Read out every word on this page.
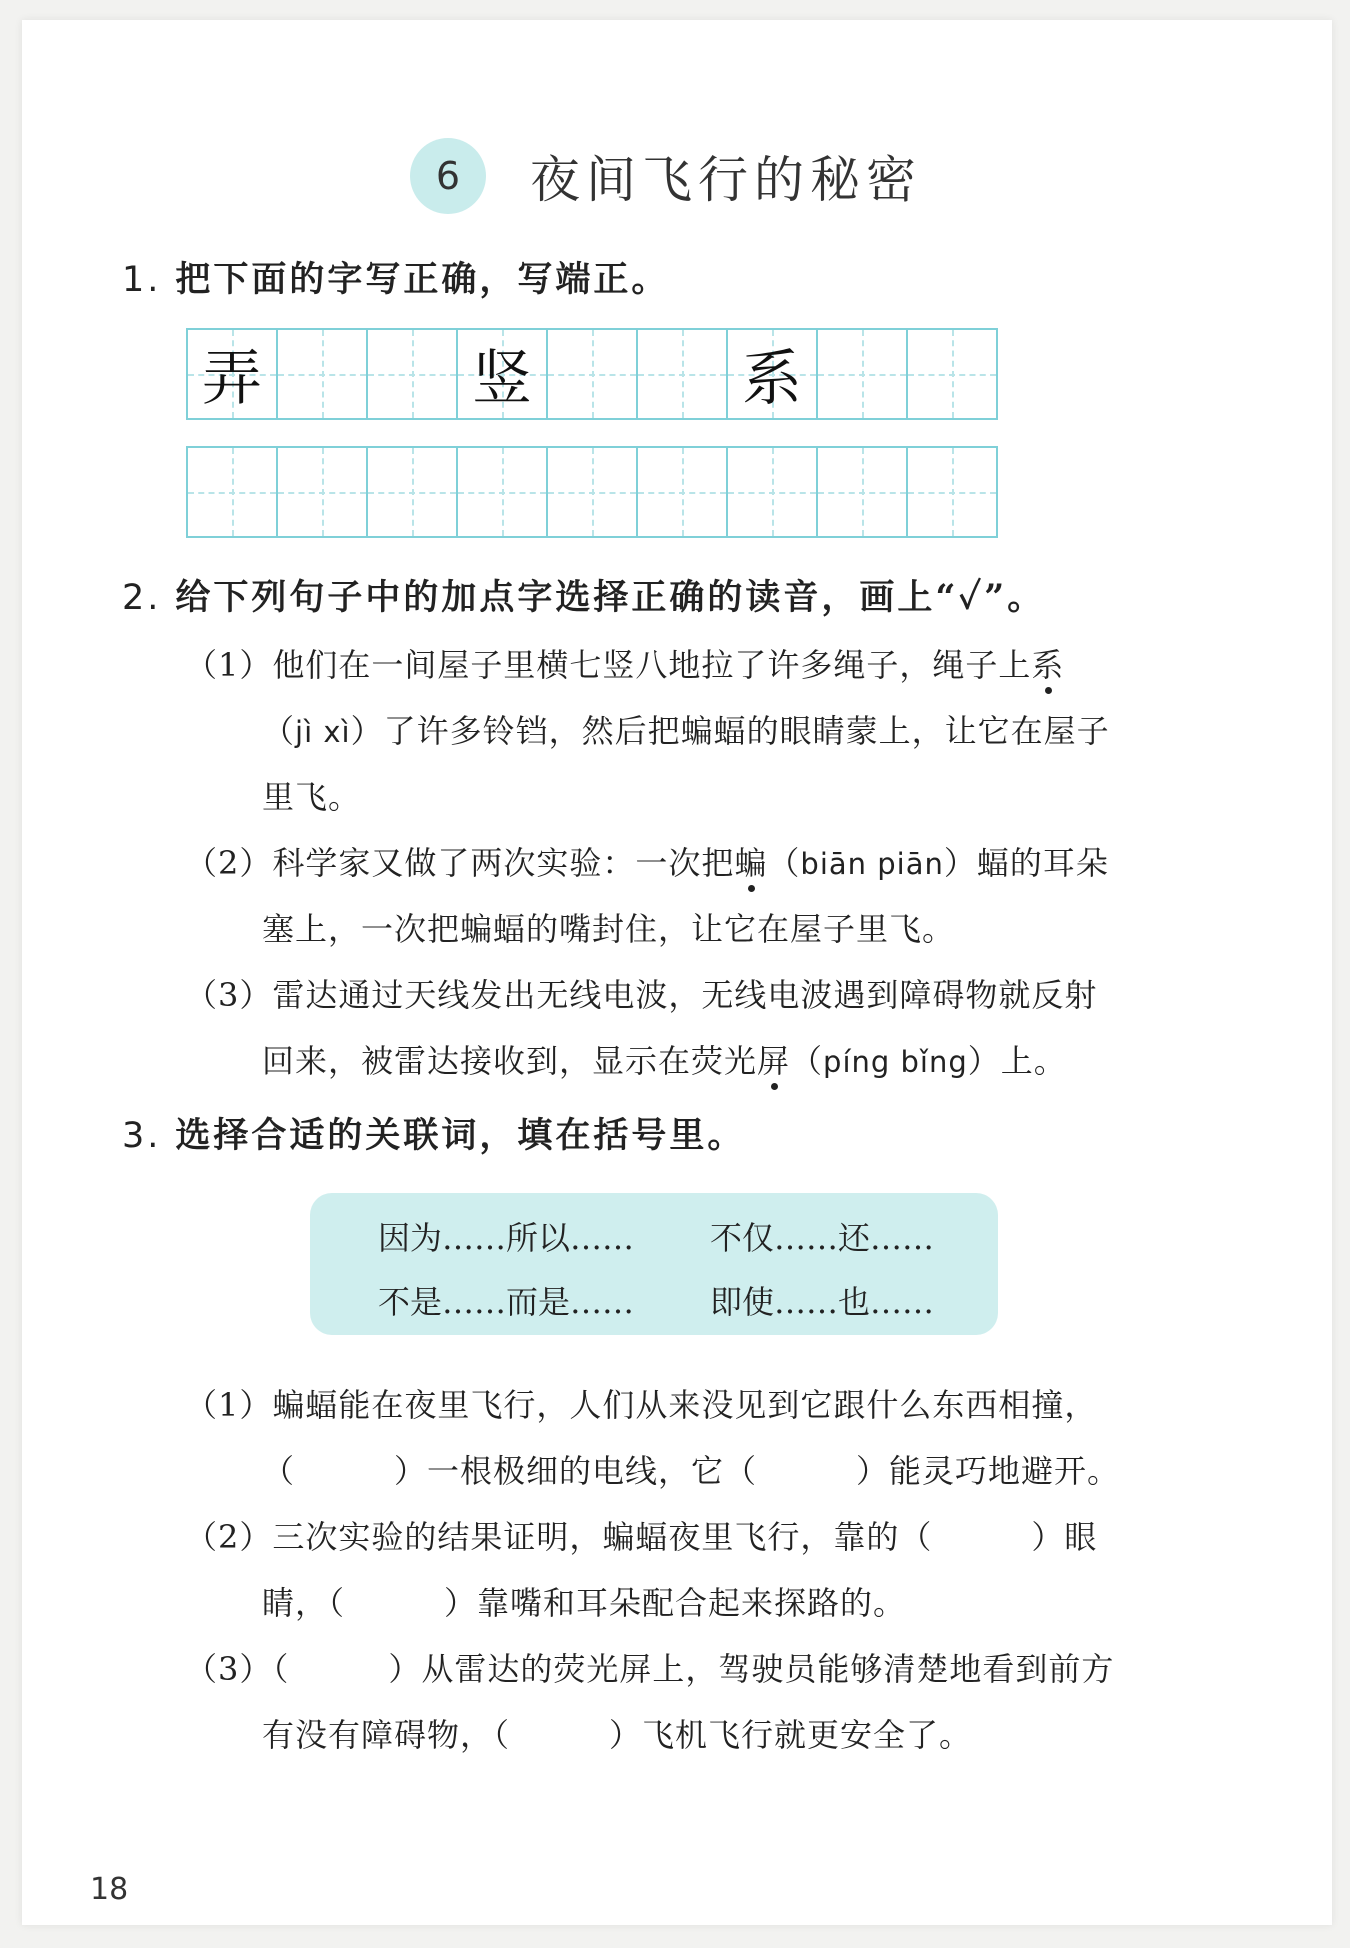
6	夜间飞行的秘密
1. 把下面的字写正确，写端正。
弄	竖	系
2. 给下列句子中的加点字选择正确的读音，画上“✓”。
（1）他们在一间屋子里横七竖八地拉了许多绳子，绳子上系
（jì xì）了许多铃铛，然后把蝙蝠的眼睛蒙上，让它在屋子
里飞。
（2）科学家又做了两次实验：一次把蝙（biān piān）蝠的耳朵
塞上，一次把蝙蝠的嘴封住，让它在屋子里飞。
（3）雷达通过天线发出无线电波，无线电波遇到障碍物就反射
回来，被雷达接收到，显示在荧光屏（píng bǐng）上。
3. 选择合适的关联词，填在括号里。
因为……所以…… 不仅……还……
不是……而是…… 即使……也……
（1）蝙蝠能在夜里飞行，人们从来没见到它跟什么东西相撞，
（　　　）一根极细的电线，它（　　　）能灵巧地避开。
（2）三次实验的结果证明，蝙蝠夜里飞行，靠的（　　　）眼
睛，（　　　）靠嘴和耳朵配合起来探路的。
（3）（　　　）从雷达的荧光屏上，驾驶员能够清楚地看到前方
有没有障碍物，（　　　）飞机飞行就更安全了。
18
